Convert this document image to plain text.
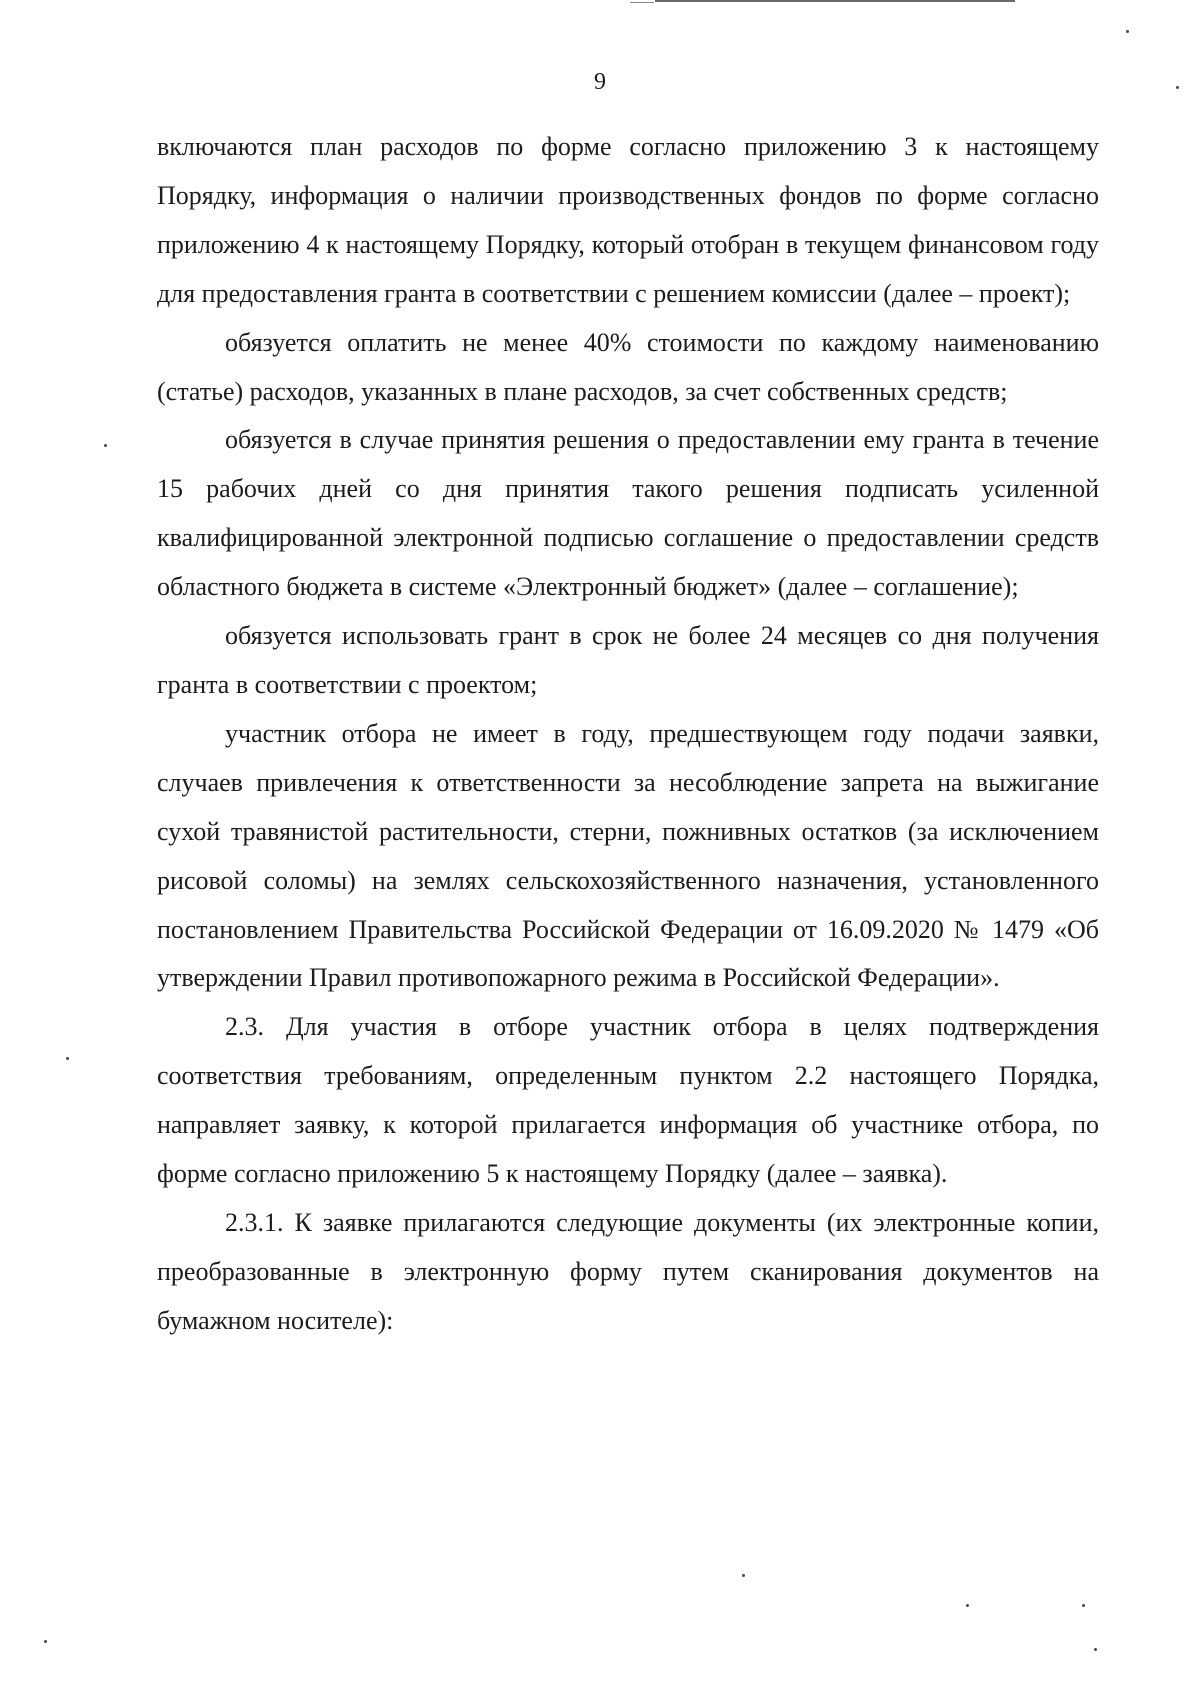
9

включаются план расходов по форме согласно приложению 3 к настоящему Порядку, информация о наличии производственных фондов по форме согласно приложению 4 к настоящему Порядку, который отобран в текущем финансовом году для предоставления гранта в соответствии с решением комиссии (далее – проект);

обязуется оплатить не менее 40% стоимости по каждому наименованию (статье) расходов, указанных в плане расходов, за счет собственных средств;

обязуется в случае принятия решения о предоставлении ему гранта в течение 15 рабочих дней со дня принятия такого решения подписать усиленной квалифицированной электронной подписью соглашение о предоставлении средств областного бюджета в системе «Электронный бюджет» (далее – соглашение);

обязуется использовать грант в срок не более 24 месяцев со дня получения гранта в соответствии с проектом;

участник отбора не имеет в году, предшествующем году подачи заявки, случаев привлечения к ответственности за несоблюдение запрета на выжигание сухой травянистой растительности, стерни, пожнивных остатков (за исключением рисовой соломы) на землях сельскохозяйственного назначения, установленного постановлением Правительства Российской Федерации от 16.09.2020 № 1479 «Об утверждении Правил противопожарного режима в Российской Федерации».

2.3. Для участия в отборе участник отбора в целях подтверждения соответствия требованиям, определенным пунктом 2.2 настоящего Порядка, направляет заявку, к которой прилагается информация об участнике отбора, по форме согласно приложению 5 к настоящему Порядку (далее – заявка).

2.3.1. К заявке прилагаются следующие документы (их электронные копии, преобразованные в электронную форму путем сканирования документов на бумажном носителе):
